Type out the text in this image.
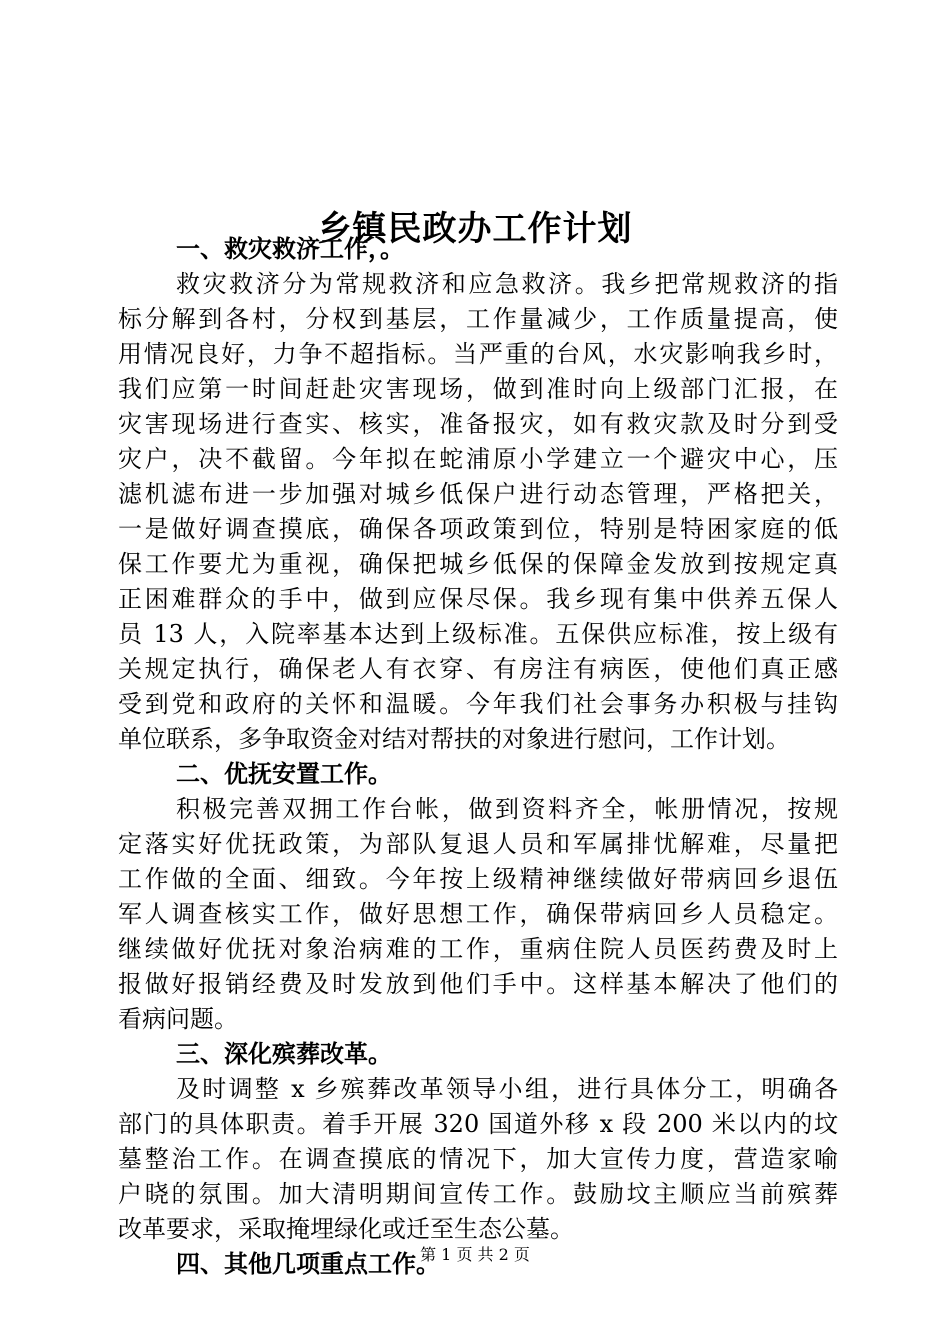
乡镇民政办工作计划
一、救灾救济工作，。
救灾救济分为常规救济和应急救济。我乡把常规救济的指
标分解到各村，分权到基层，工作量减少，工作质量提高，使
用情况良好，力争不超指标。当严重的台风，水灾影响我乡时，
我们应第一时间赶赴灾害现场，做到准时向上级部门汇报，在
灾害现场进行查实、核实，准备报灾，如有救灾款及时分到受
灾户，决不截留。今年拟在蛇浦原小学建立一个避灾中心，压
滤机滤布进一步加强对城乡低保户进行动态管理，严格把关，
一是做好调查摸底，确保各项政策到位，特别是特困家庭的低
保工作要尤为重视，确保把城乡低保的保障金发放到按规定真
正困难群众的手中，做到应保尽保。我乡现有集中供养五保人
员 13 人，入院率基本达到上级标准。五保供应标准，按上级有
关规定执行，确保老人有衣穿、有房注有病医，使他们真正感
受到党和政府的关怀和温暖。今年我们社会事务办积极与挂钩
单位联系，多争取资金对结对帮扶的对象进行慰问，工作计划。
二、优抚安置工作。
积极完善双拥工作台帐，做到资料齐全，帐册情况，按规
定落实好优抚政策，为部队复退人员和军属排忧解难，尽量把
工作做的全面、细致。今年按上级精神继续做好带病回乡退伍
军人调查核实工作，做好思想工作，确保带病回乡人员稳定。
继续做好优抚对象治病难的工作，重病住院人员医药费及时上
报做好报销经费及时发放到他们手中。这样基本解决了他们的
看病问题。
三、深化殡葬改革。
及时调整 x 乡殡葬改革领导小组，进行具体分工，明确各
部门的具体职责。着手开展 320 国道外移 x 段 200 米以内的坟
墓整治工作。在调查摸底的情况下，加大宣传力度，营造家喻
户晓的氛围。加大清明期间宣传工作。鼓励坟主顺应当前殡葬
改革要求，采取掩埋绿化或迁至生态公墓。
四、其他几项重点工作。
第 1 页 共 2 页
